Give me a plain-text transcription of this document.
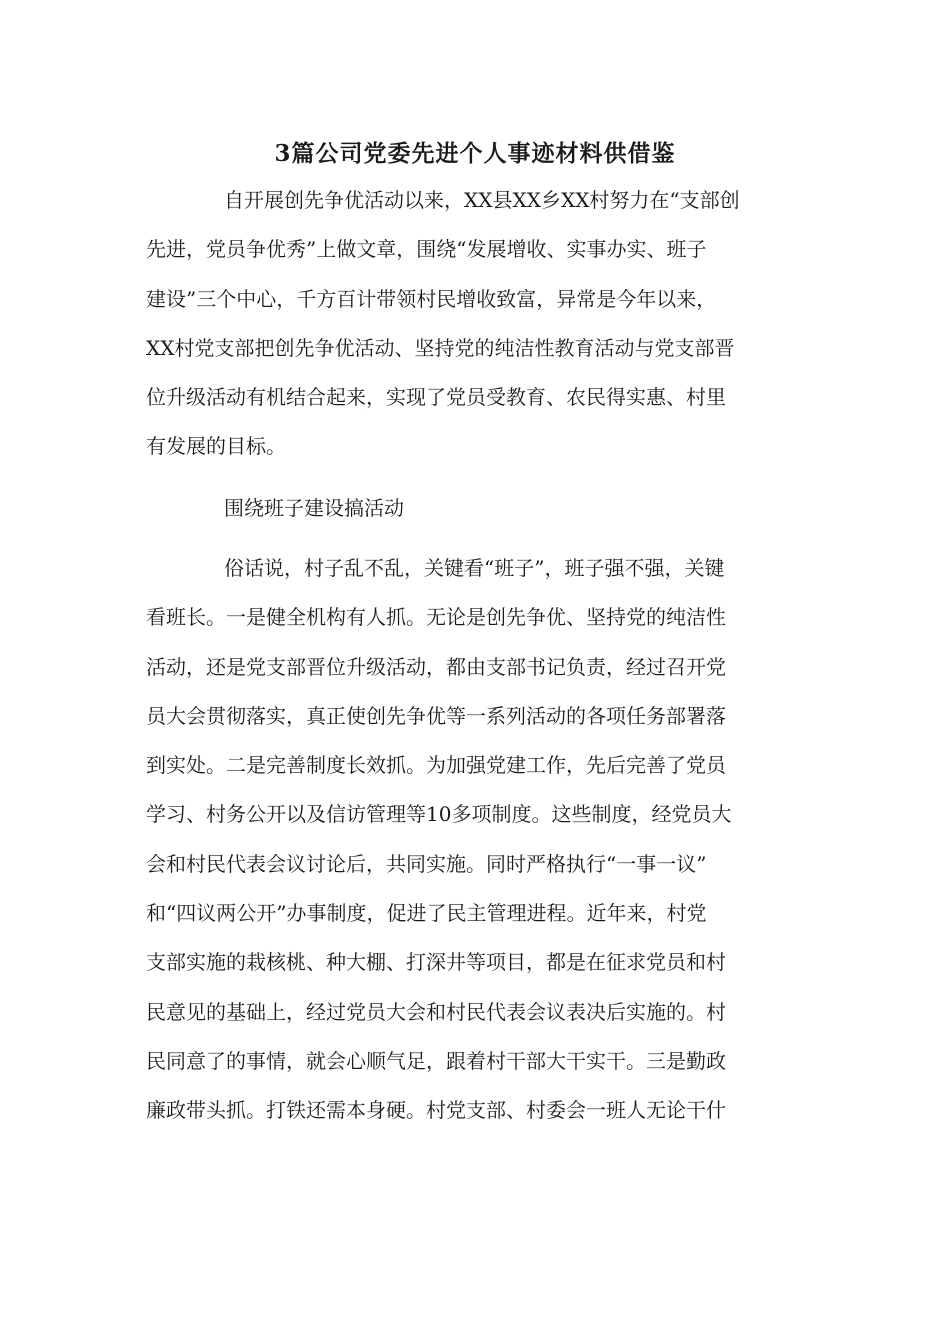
3篇公司党委先进个人事迹材料供借鉴
自开展创先争优活动以来，XX县XX乡XX村努力在“支部创
先进，党员争优秀”上做文章，围绕“发展增收、实事办实、班子
建设”三个中心，千方百计带领村民增收致富，异常是今年以来，
XX村党支部把创先争优活动、坚持党的纯洁性教育活动与党支部晋
位升级活动有机结合起来，实现了党员受教育、农民得实惠、村里
有发展的目标。
围绕班子建设搞活动
俗话说，村子乱不乱，关键看“班子”，班子强不强，关键
看班长。一是健全机构有人抓。无论是创先争优、坚持党的纯洁性
活动，还是党支部晋位升级活动，都由支部书记负责，经过召开党
员大会贯彻落实，真正使创先争优等一系列活动的各项任务部署落
到实处。二是完善制度长效抓。为加强党建工作，先后完善了党员
学习、村务公开以及信访管理等10多项制度。这些制度，经党员大
会和村民代表会议讨论后，共同实施。同时严格执行“一事一议”
和“四议两公开”办事制度，促进了民主管理进程。近年来，村党
支部实施的栽核桃、种大棚、打深井等项目，都是在征求党员和村
民意见的基础上，经过党员大会和村民代表会议表决后实施的。村
民同意了的事情，就会心顺气足，跟着村干部大干实干。三是勤政
廉政带头抓。打铁还需本身硬。村党支部、村委会一班人无论干什
